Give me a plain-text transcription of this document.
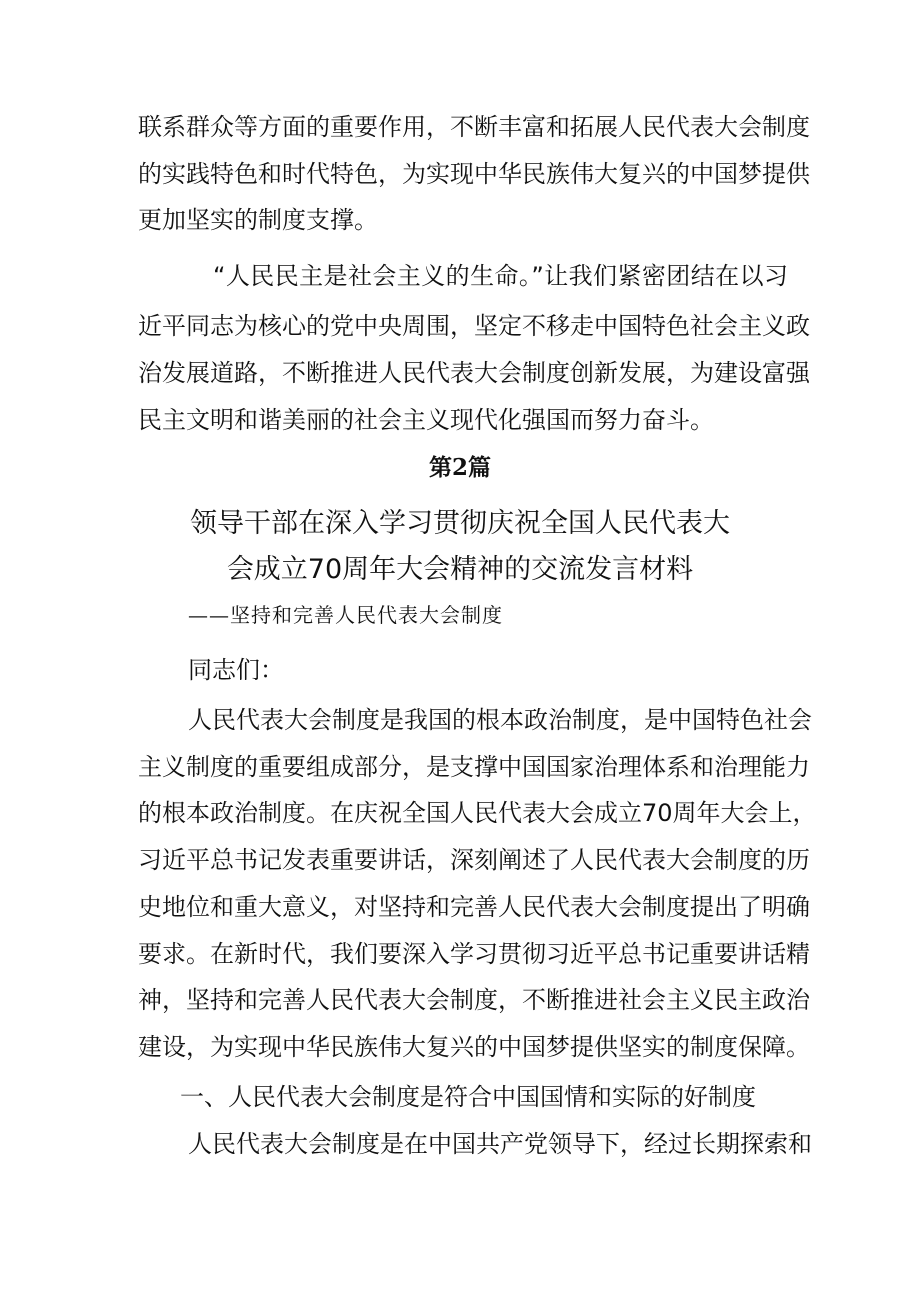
联系群众等方面的重要作用，不断丰富和拓展人民代表大会制度
的实践特色和时代特色，为实现中华民族伟大复兴的中国梦提供
更加坚实的制度支撑。
“人民民主是社会主义的生命。”让我们紧密团结在以习
近平同志为核心的党中央周围，坚定不移走中国特色社会主义政
治发展道路，不断推进人民代表大会制度创新发展，为建设富强
民主文明和谐美丽的社会主义现代化强国而努力奋斗。
第2篇
领导干部在深入学习贯彻庆祝全国人民代表大
会成立70周年大会精神的交流发言材料
——坚持和完善人民代表大会制度
同志们：
人民代表大会制度是我国的根本政治制度，是中国特色社会
主义制度的重要组成部分，是支撑中国国家治理体系和治理能力
的根本政治制度。在庆祝全国人民代表大会成立70周年大会上，
习近平总书记发表重要讲话，深刻阐述了人民代表大会制度的历
史地位和重大意义，对坚持和完善人民代表大会制度提出了明确
要求。在新时代，我们要深入学习贯彻习近平总书记重要讲话精
神，坚持和完善人民代表大会制度，不断推进社会主义民主政治
建设，为实现中华民族伟大复兴的中国梦提供坚实的制度保障。
一、人民代表大会制度是符合中国国情和实际的好制度
人民代表大会制度是在中国共产党领导下，经过长期探索和
